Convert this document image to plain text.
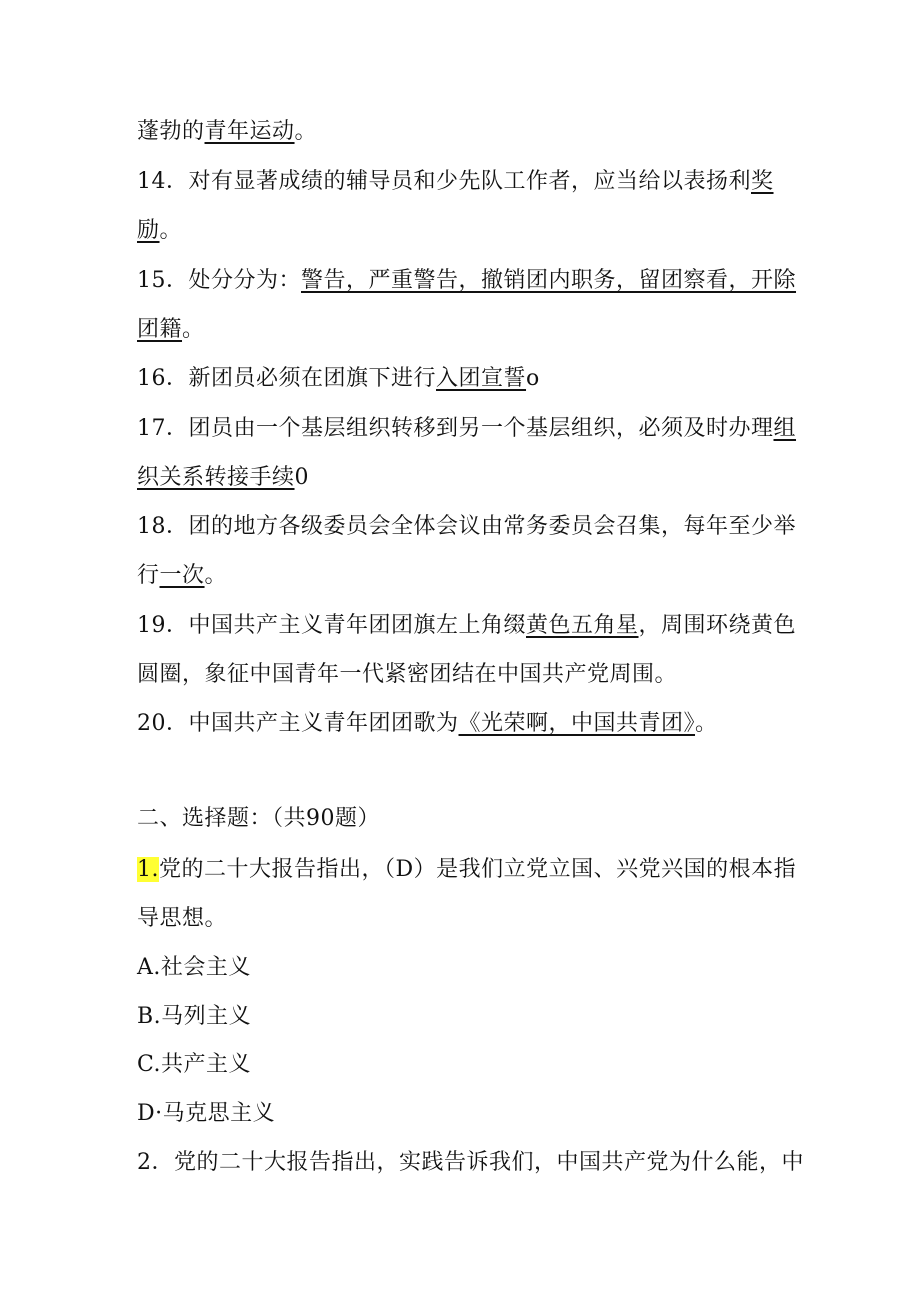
蓬勃的青年运动。
14．对有显著成绩的辅导员和少先队工作者，应当给以表扬利奖
励。
15．处分分为：警告，严重警告，撤销团内职务，留团察看，开除
团籍。
16．新团员必须在团旗下进行入团宣誓o
17．团员由一个基层组织转移到另一个基层组织，必须及时办理组
织关系转接手续0
18．团的地方各级委员会全体会议由常务委员会召集，每年至少举
行一次。
19．中国共产主义青年团团旗左上角缀黄色五角星，周围环绕黄色
圆圈，象征中国青年一代紧密团结在中国共产党周围。
20．中国共产主义青年团团歌为《光荣啊，中国共青团》。
二、选择题：（共90题）
1.党的二十大报告指出，（D）是我们立党立国、兴党兴国的根本指
导思想。
A.社会主义
B.马列主义
C.共产主义
D·马克思主义
2．党的二十大报告指出，实践告诉我们，中国共产党为什么能，中
